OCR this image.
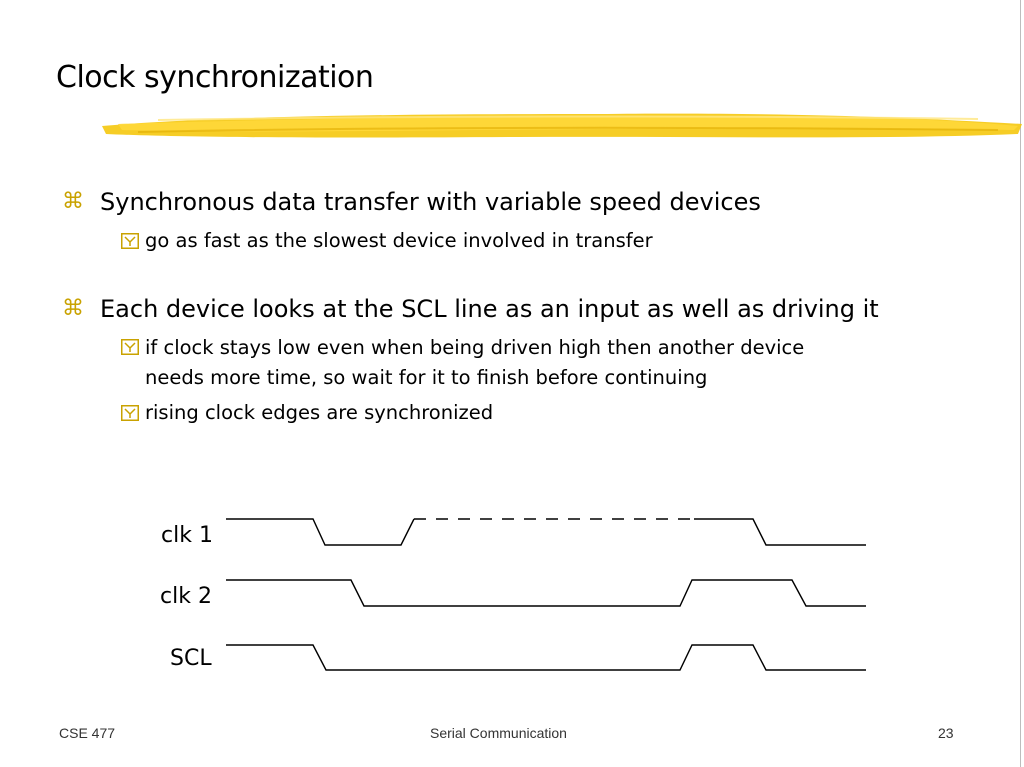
Clock synchronization
⌘ Synchronous data transfer with variable speed devices
go as fast as the slowest device involved in transfer
⌘ Each device looks at the SCL line as an input as well as driving it
if clock stays low even when being driven high then another device
needs more time, so wait for it to finish before continuing
rising clock edges are synchronized
clk 1
clk 2
SCL
CSE 477	Serial Communication	23
